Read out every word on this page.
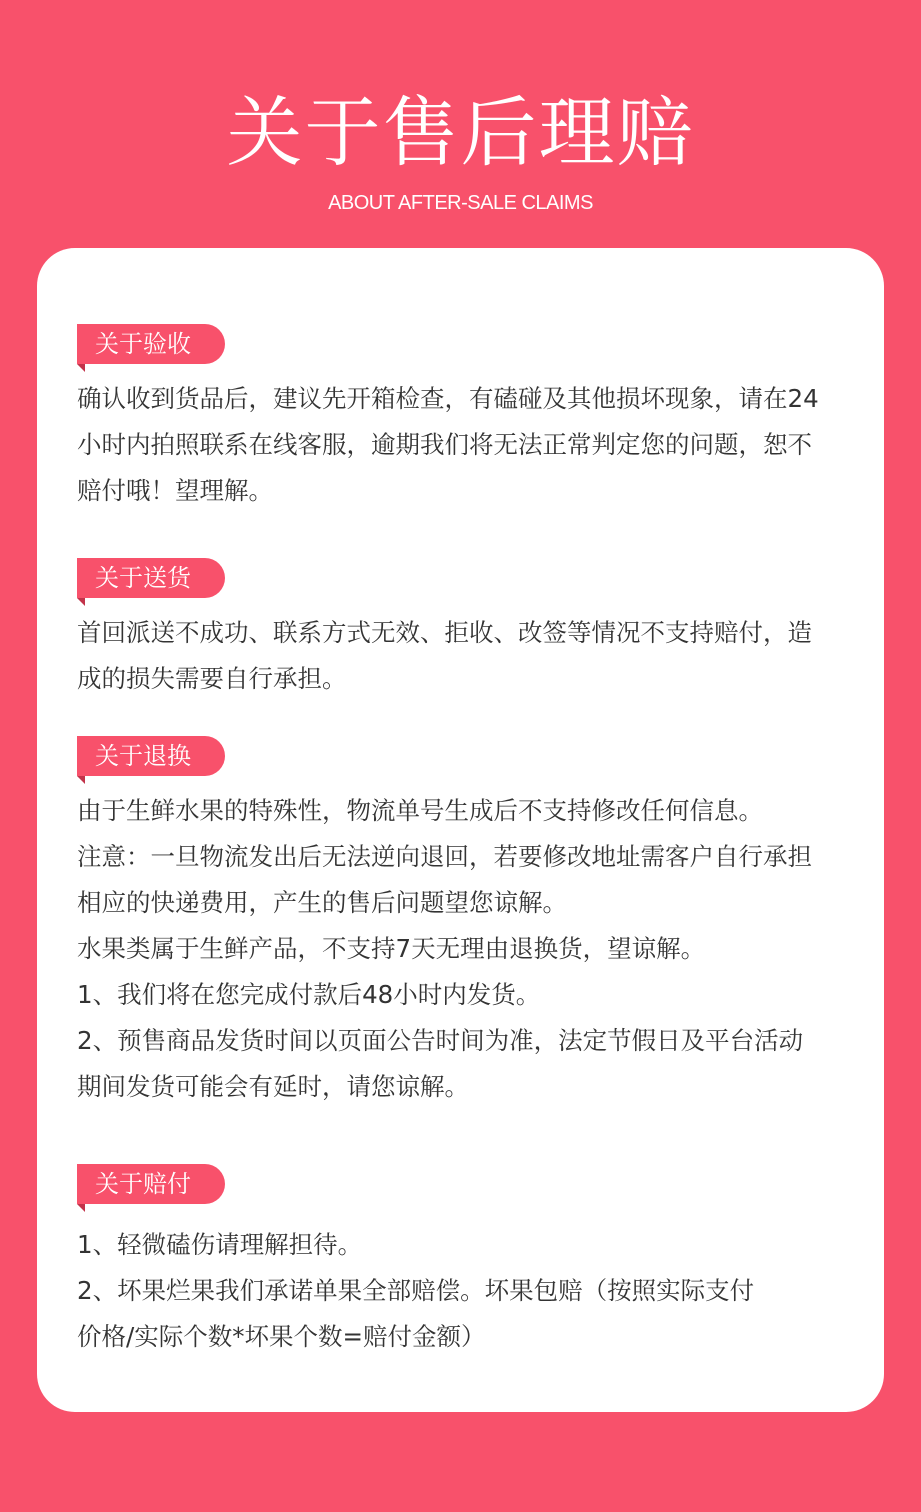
关于售后理赔
ABOUT AFTER-SALE CLAIMS
关于验收

确认收到货品后，建议先开箱检查，有磕碰及其他损坏现象，请在24

小时内拍照联系在线客服，逾期我们将无法正常判定您的问题，恕不

赔付哦！望理解。

关于送货

首回派送不成功、联系方式无效、拒收、改签等情况不支持赔付，造

成的损失需要自行承担。

关于退换

由于生鲜水果的特殊性，物流单号生成后不支持修改任何信息。

注意：一旦物流发出后无法逆向退回，若要修改地址需客户自行承担

相应的快递费用，产生的售后问题望您谅解。

水果类属于生鲜产品，不支持7天无理由退换货，望谅解。

1、我们将在您完成付款后48小时内发货。

2、预售商品发货时间以页面公告时间为准，法定节假日及平台活动

期间发货可能会有延时，请您谅解。

关于赔付

1、轻微磕伤请理解担待。

2、坏果烂果我们承诺单果全部赔偿。坏果包赔（按照实际支付

价格/实际个数*坏果个数=赔付金额）
